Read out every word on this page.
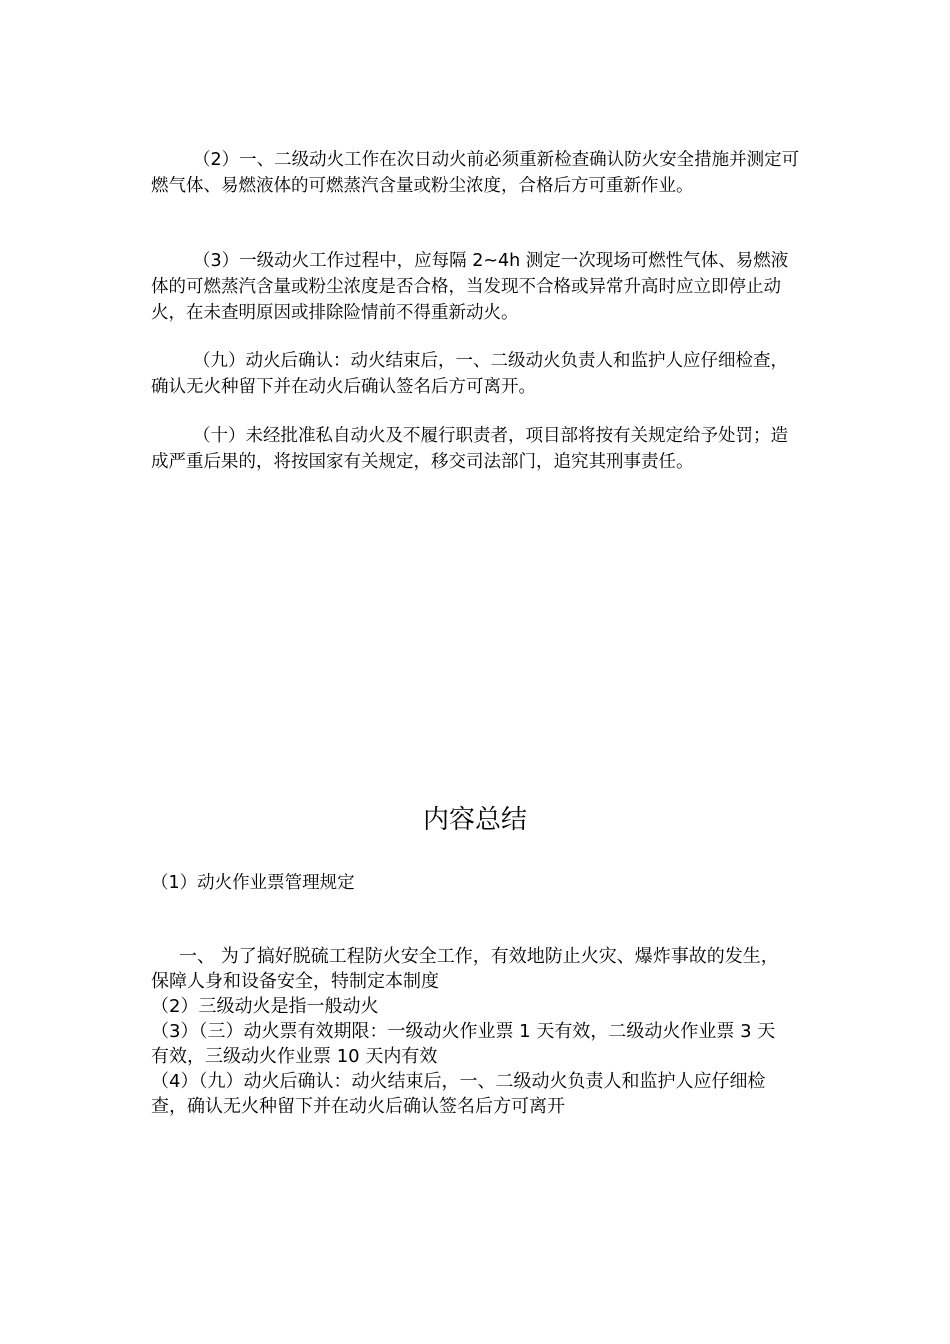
（2）一、二级动火工作在次日动火前必须重新检查确认防火安全措施并测定可燃气体、易燃液体的可燃蒸汽含量或粉尘浓度，合格后方可重新作业。

（3）一级动火工作过程中，应每隔 2~4h 测定一次现场可燃性气体、易燃液体的可燃蒸汽含量或粉尘浓度是否合格，当发现不合格或异常升高时应立即停止动火，在未查明原因或排除险情前不得重新动火。

（九）动火后确认：动火结束后，一、二级动火负责人和监护人应仔细检查，确认无火种留下并在动火后确认签名后方可离开。

（十）未经批准私自动火及不履行职责者，项目部将按有关规定给予处罚；造成严重后果的，将按国家有关规定，移交司法部门，追究其刑事责任。

内容总结

（1）动火作业票管理规定

一、 为了搞好脱硫工程防火安全工作，有效地防止火灾、爆炸事故的发生，保障人身和设备安全，特制定本制度
（2）三级动火是指一般动火
（3）（三）动火票有效期限：一级动火作业票 1 天有效，二级动火作业票 3 天有效，三级动火作业票 10 天内有效
（4）（九）动火后确认：动火结束后，一、二级动火负责人和监护人应仔细检查，确认无火种留下并在动火后确认签名后方可离开
